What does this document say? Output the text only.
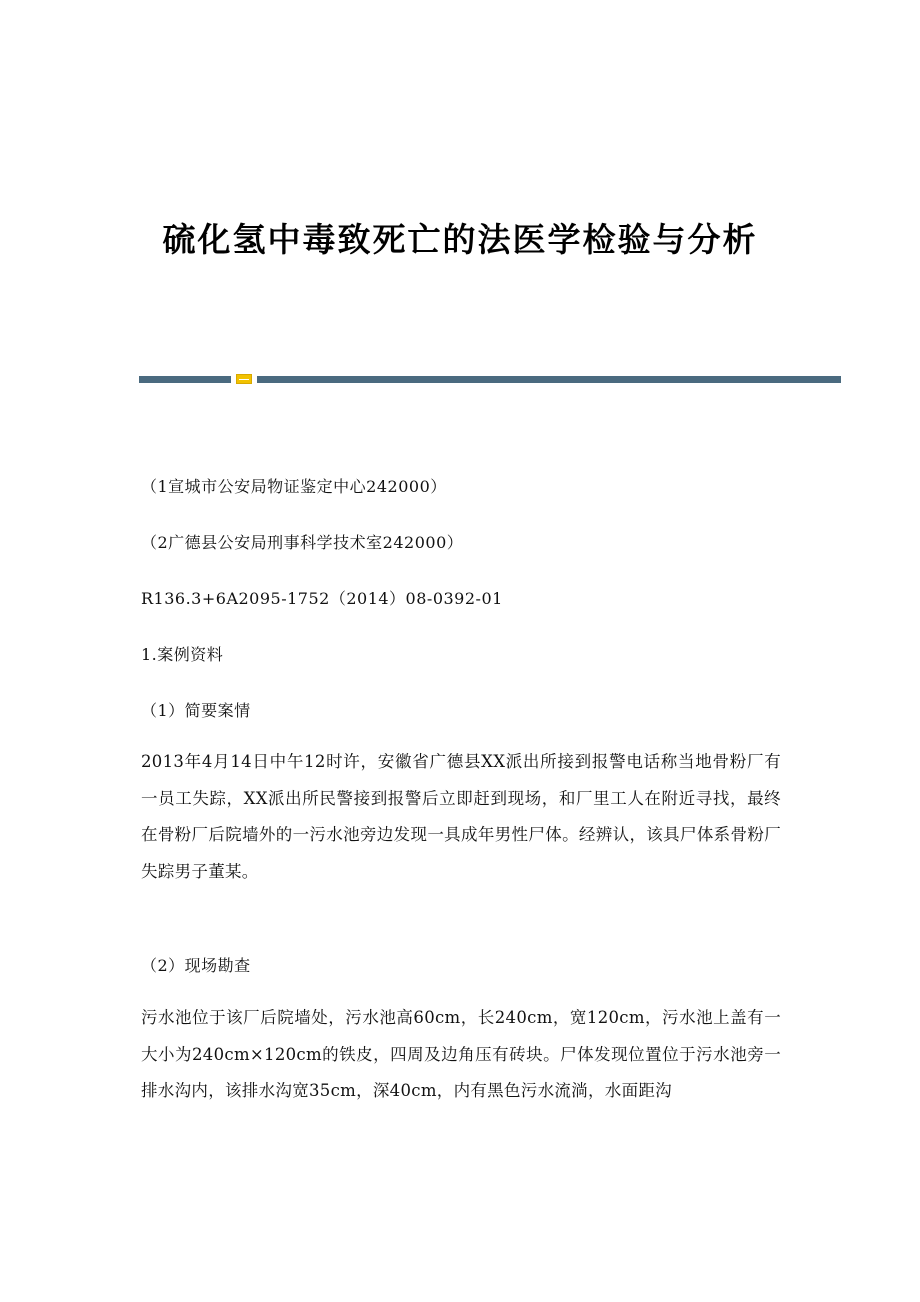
硫化氢中毒致死亡的法医学检验与分析
（1宣城市公安局物证鉴定中心242000）
（2广德县公安局刑事科学技术室242000）
R136.3+6A2095-1752（2014）08-0392-01
1.案例资料
（1）简要案情
2013年4月14日中午12时许，安徽省广德县XX派出所接到报警电话称当地骨粉厂有一员工失踪，XX派出所民警接到报警后立即赶到现场，和厂里工人在附近寻找，最终在骨粉厂后院墙外的一污水池旁边发现一具成年男性尸体。经辨认，该具尸体系骨粉厂失踪男子董某。
（2）现场勘查
污水池位于该厂后院墙处，污水池高60cm，长240cm，宽120cm，污水池上盖有一大小为240cm×120cm的铁皮，四周及边角压有砖块。尸体发现位置位于污水池旁一排水沟内，该排水沟宽35cm，深40cm，内有黑色污水流淌，水面距沟
